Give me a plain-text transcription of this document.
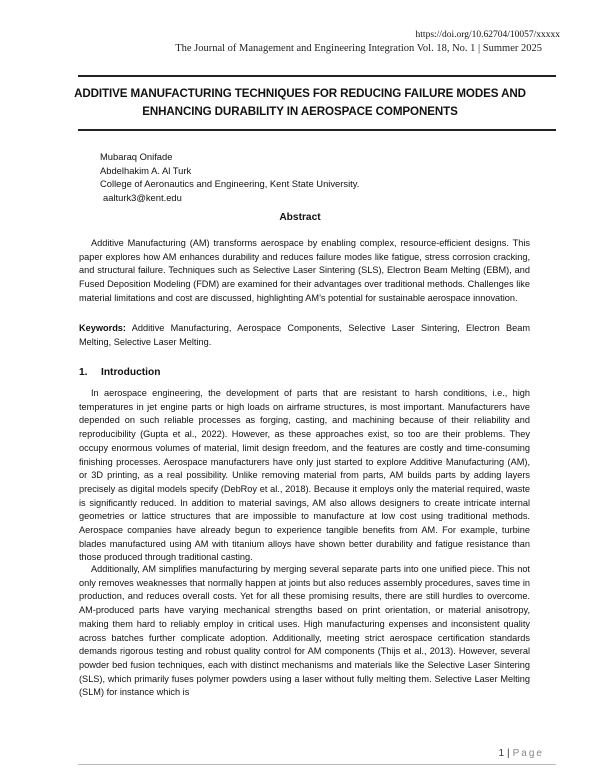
https://doi.org/10.62704/10057/xxxxx
The Journal of Management and Engineering Integration Vol. 18, No. 1 | Summer 2025
ADDITIVE MANUFACTURING TECHNIQUES FOR REDUCING FAILURE MODES AND
ENHANCING DURABILITY IN AEROSPACE COMPONENTS
Mubaraq Onifade
Abdelhakim A. Al Turk
College of Aeronautics and Engineering, Kent State University.
aalturk3@kent.edu
Abstract

Additive Manufacturing (AM) transforms aerospace by enabling complex, resource-efficient designs. This paper explores how AM enhances durability and reduces failure modes like fatigue, stress corrosion cracking, and structural failure. Techniques such as Selective Laser Sintering (SLS), Electron Beam Melting (EBM), and Fused Deposition Modeling (FDM) are examined for their advantages over traditional methods. Challenges like material limitations and cost are discussed, highlighting AM’s potential for sustainable aerospace innovation.

Keywords: Additive Manufacturing, Aerospace Components, Selective Laser Sintering, Electron Beam Melting, Selective Laser Melting.

1. Introduction

In aerospace engineering, the development of parts that are resistant to harsh conditions, i.e., high temperatures in jet engine parts or high loads on airframe structures, is most important. Manufacturers have depended on such reliable processes as forging, casting, and machining because of their reliability and reproducibility (Gupta et al., 2022). However, as these approaches exist, so too are their problems. They occupy enormous volumes of material, limit design freedom, and the features are costly and time-consuming finishing processes. Aerospace manufacturers have only just started to explore Additive Manufacturing (AM), or 3D printing, as a real possibility. Unlike removing material from parts, AM builds parts by adding layers precisely as digital models specify (DebRoy et al., 2018). Because it employs only the material required, waste is significantly reduced. In addition to material savings, AM also allows designers to create intricate internal geometries or lattice structures that are impossible to manufacture at low cost using traditional methods. Aerospace companies have already begun to experience tangible benefits from AM. For example, turbine blades manufactured using AM with titanium alloys have shown better durability and fatigue resistance than those produced through traditional casting.

Additionally, AM simplifies manufacturing by merging several separate parts into one unified piece. This not only removes weaknesses that normally happen at joints but also reduces assembly procedures, saves time in production, and reduces overall costs. Yet for all these promising results, there are still hurdles to overcome. AM-produced parts have varying mechanical strengths based on print orientation, or material anisotropy, making them hard to reliably employ in critical uses. High manufacturing expenses and inconsistent quality across batches further complicate adoption. Additionally, meeting strict aerospace certification standards demands rigorous testing and robust quality control for AM components (Thijs et al., 2013). However, several powder bed fusion techniques, each with distinct mechanisms and materials like the Selective Laser Sintering (SLS), which primarily fuses polymer powders using a laser without fully melting them. Selective Laser Melting (SLM) for instance which is

1 | Page
